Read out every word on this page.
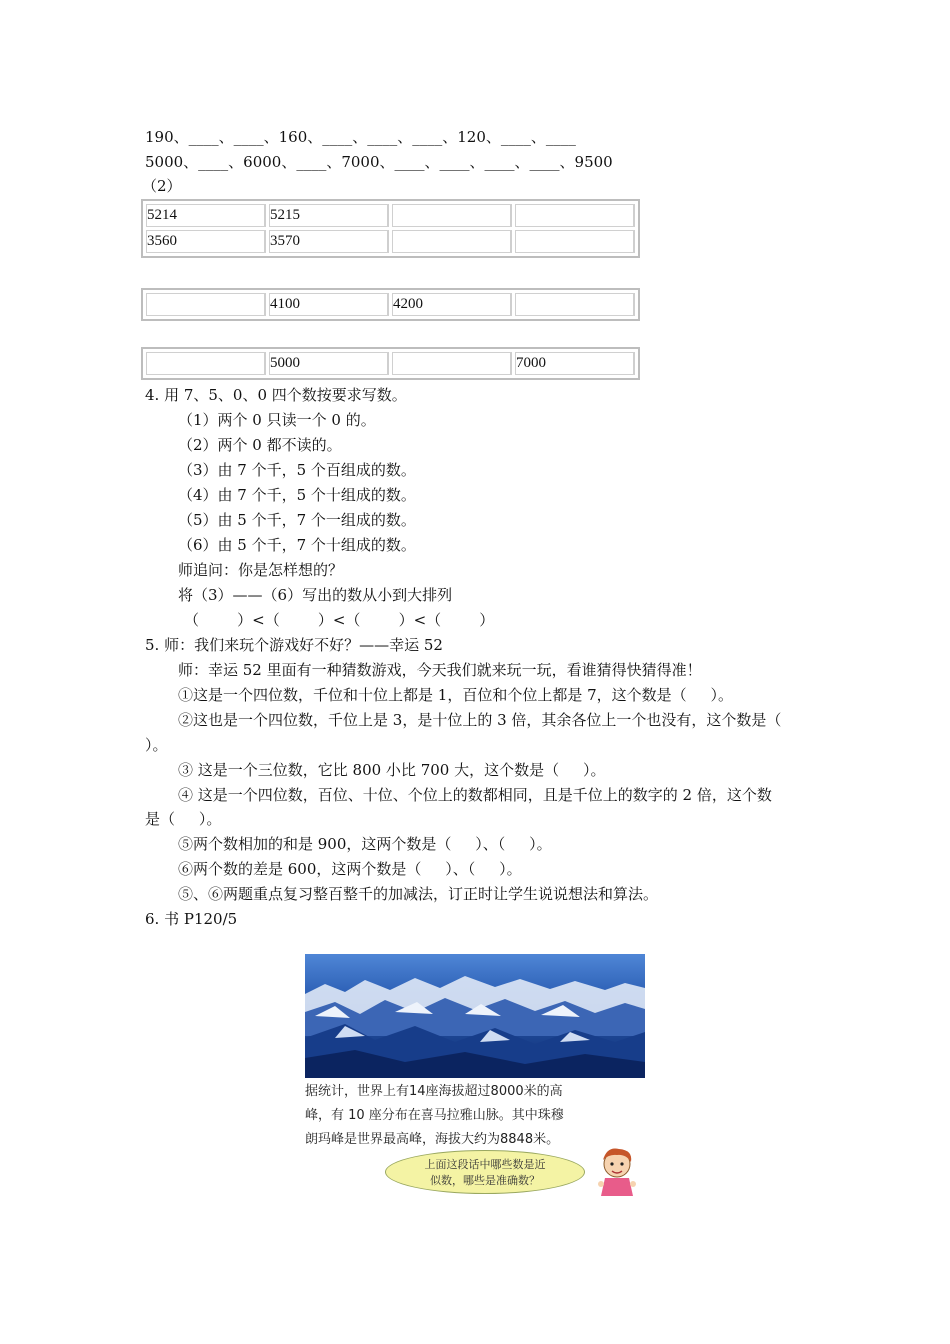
190、____、____、160、____、____、____、120、____、____
5000、____、6000、____、7000、____、____、____、____、9500
（2）
5214	5215		
3560	3570		
	4100	4200	
	5000		7000
4. 用 7、5、0、0 四个数按要求写数。
（1）两个 0 只读一个 0 的。
（2）两个 0 都不读的。
（3）由 7 个千，5 个百组成的数。
（4）由 7 个千，5 个十组成的数。
（5）由 5 个千，7 个一组成的数。
（6）由 5 个千，7 个十组成的数。
师追问：你是怎样想的？
将（3）——（6）写出的数从小到大排列
（        ）<（        ）<（        ）<（        ）
5. 师：我们来玩个游戏好不好？——幸运 52
师：幸运 52 里面有一种猜数游戏，今天我们就来玩一玩，看谁猜得快猜得准！
①这是一个四位数，千位和十位上都是 1，百位和个位上都是 7，这个数是（     ）。
②这也是一个四位数，千位上是 3，是十位上的 3 倍，其余各位上一个也没有，这个数是（
）。
③ 这是一个三位数，它比 800 小比 700 大，这个数是（     ）。
④ 这是一个四位数，百位、十位、个位上的数都相同，且是千位上的数字的 2 倍，这个数
是（     ）。
⑤两个数相加的和是 900，这两个数是（     ）、（     ）。
⑥两个数的差是 600，这两个数是（     ）、（     ）。
⑤、⑥两题重点复习整百整千的加减法，订正时让学生说说想法和算法。
6. 书 P120/5
据统计，世界上有14座海拔超过8000米的高
峰，有 10 座分布在喜马拉雅山脉。其中珠穆
朗玛峰是世界最高峰，海拔大约为8848米。
上面这段话中哪些数是近
似数，哪些是准确数？
